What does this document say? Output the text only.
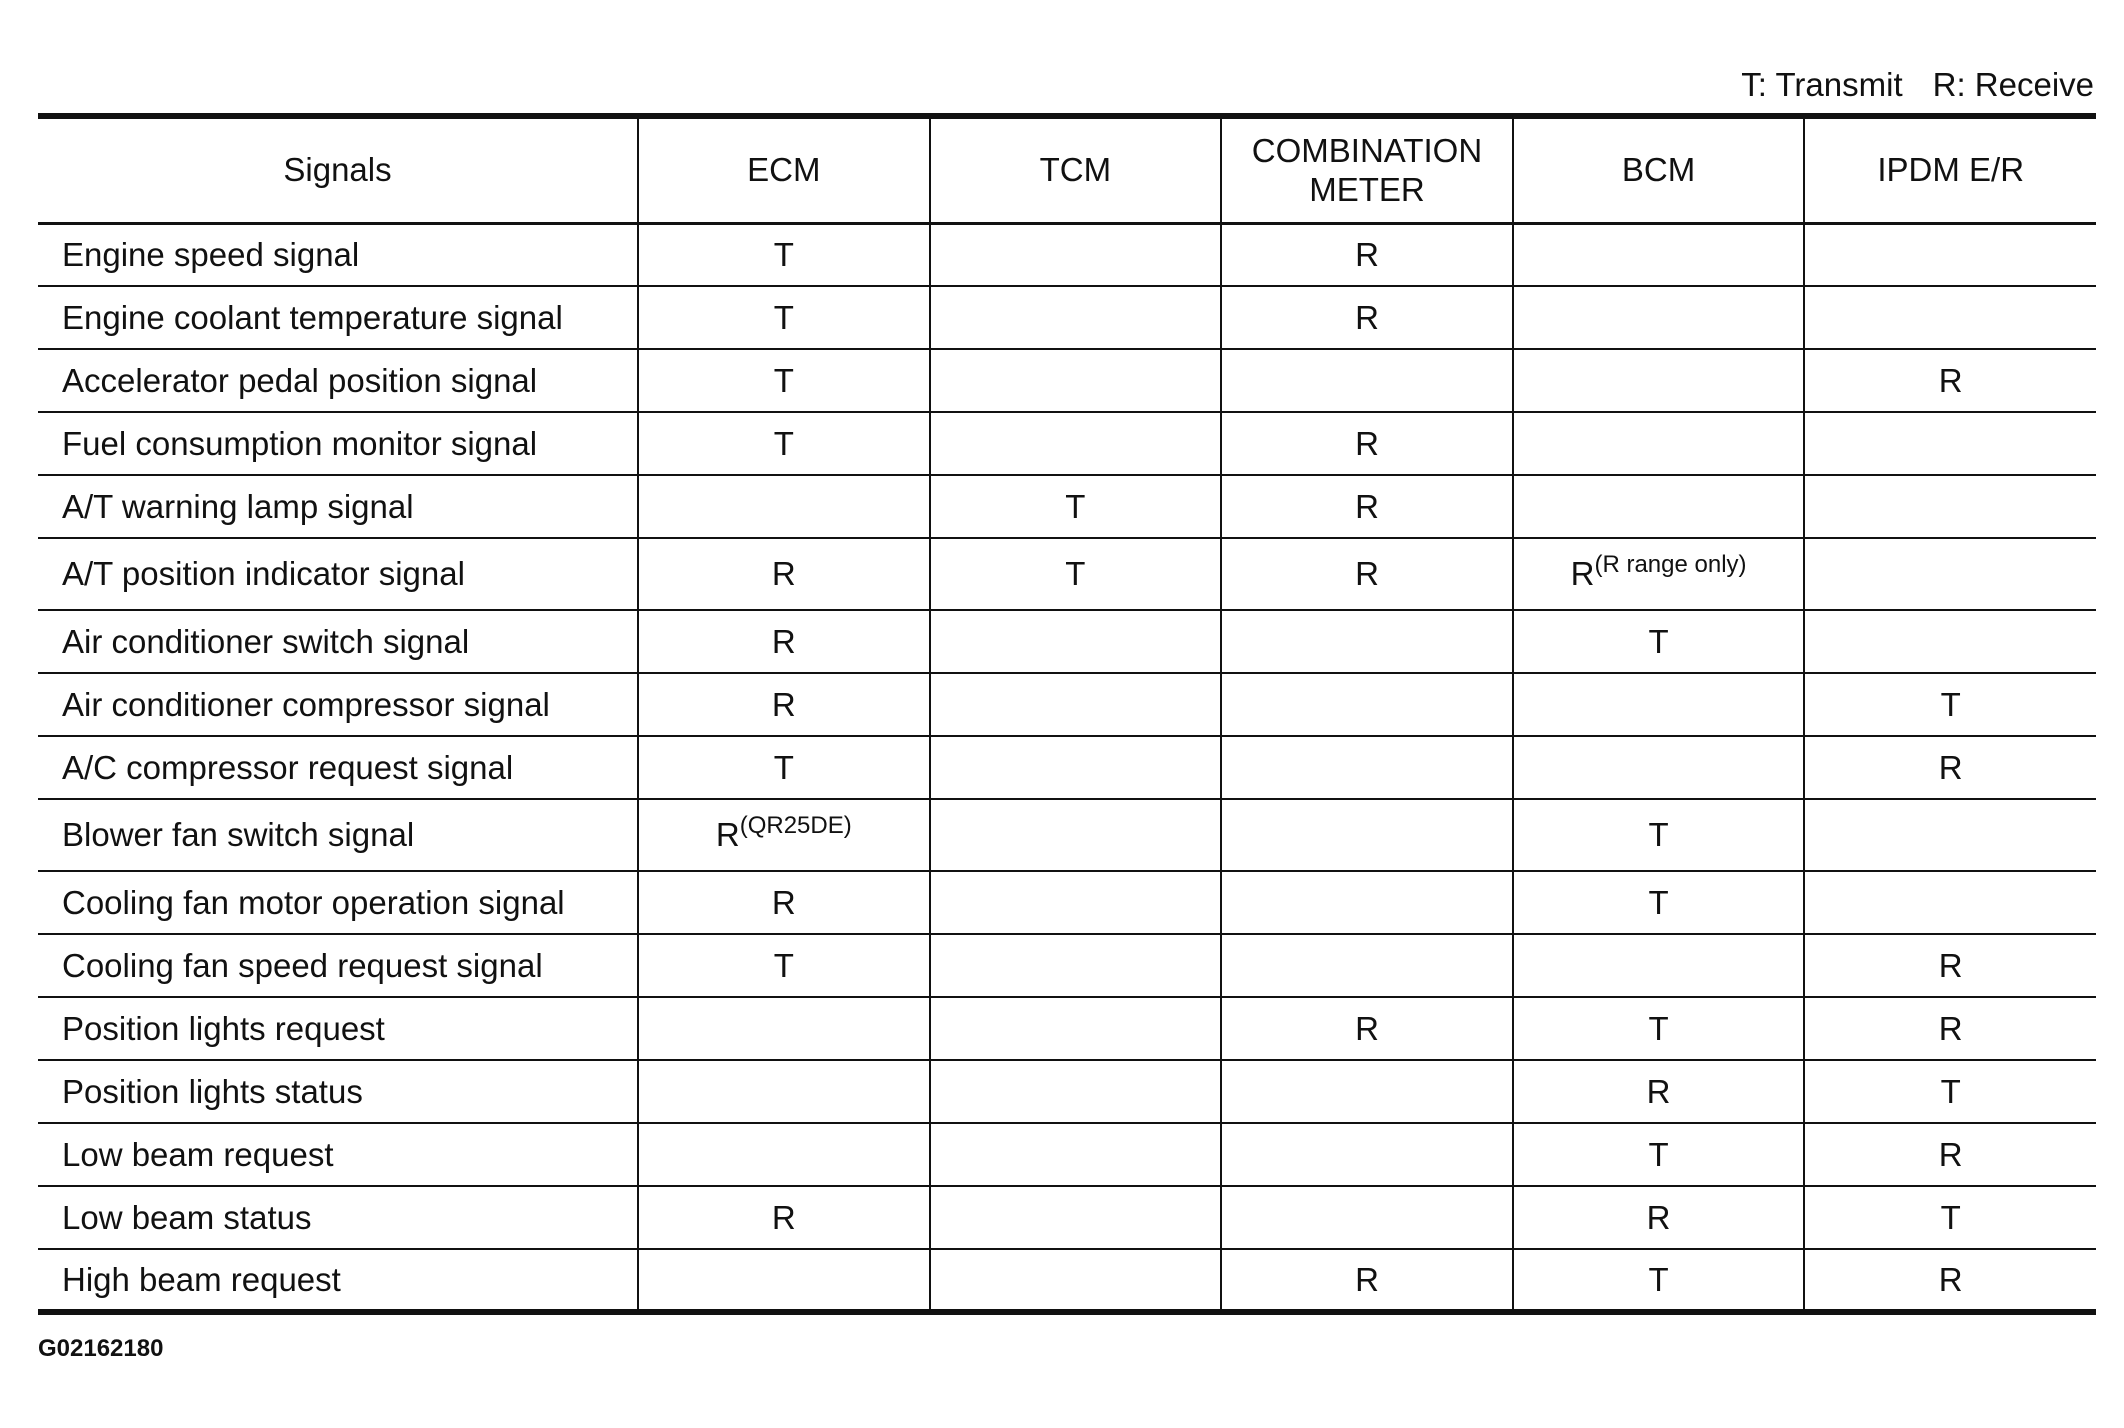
T: Transmit R: Receive
Signals	ECM	TCM	COMBINATION METER	BCM	IPDM E/R
Engine speed signal	T		R		
Engine coolant temperature signal	T		R		
Accelerator pedal position signal	T				R
Fuel consumption monitor signal	T		R		
A/T warning lamp signal		T	R		
A/T position indicator signal	R	T	R	R$^{(R range only)}$	
Air conditioner switch signal	R			T	
Air conditioner compressor signal	R				T
A/C compressor request signal	T				R
Blower fan switch signal	R$^{(QR25DE)}$			T	
Cooling fan motor operation signal	R			T	
Cooling fan speed request signal	T				R
Position lights request			R	T	R
Position lights status				R	T
Low beam request				T	R
Low beam status	R			R	T
High beam request			R	T	R
G02162180
